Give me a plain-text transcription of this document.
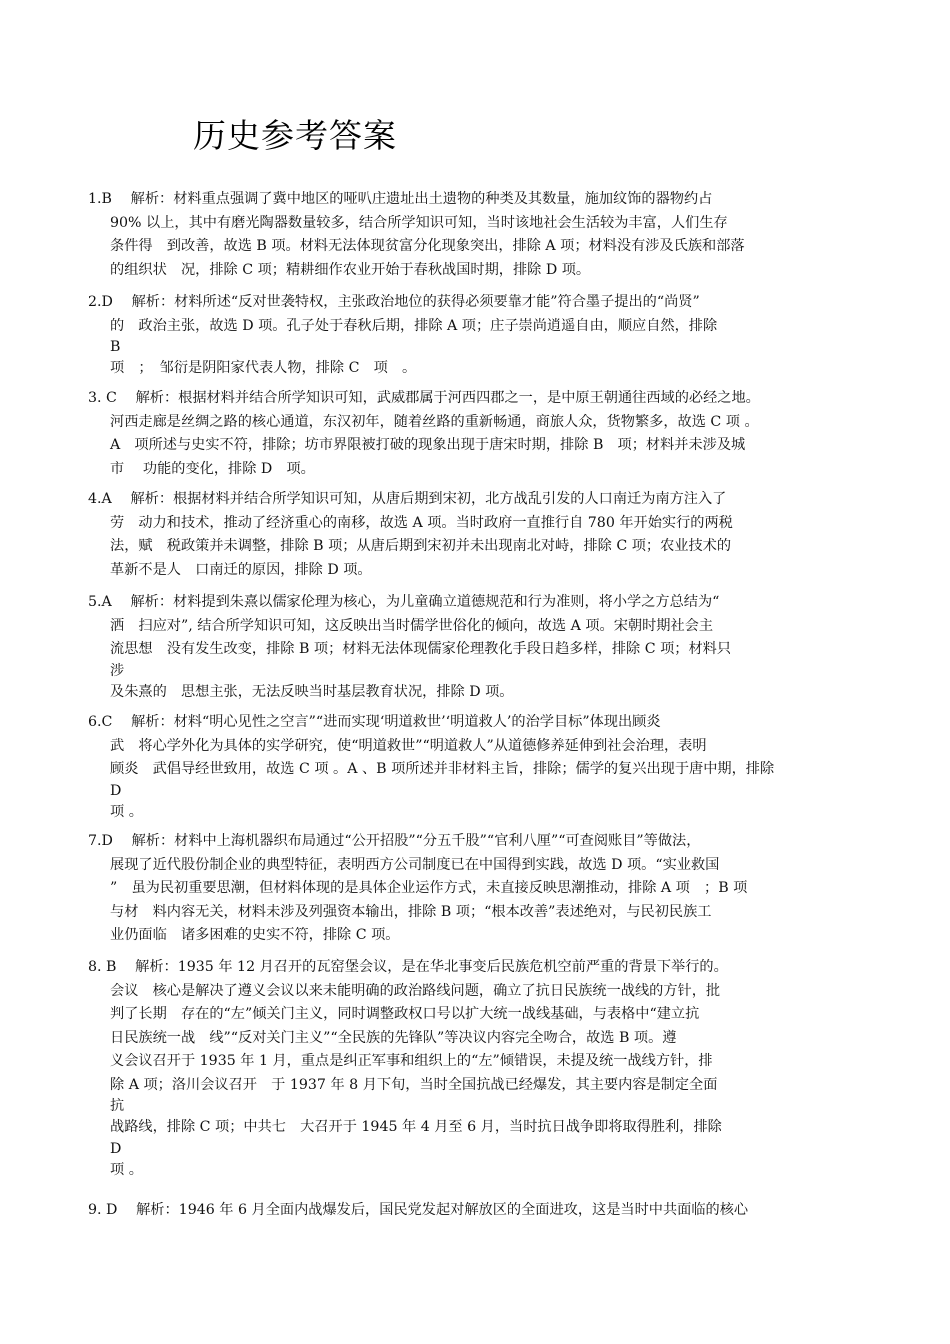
历史参考答案
1.B　 解析：材料重点强调了冀中地区的哑叭庄遗址出土遗物的种类及其数量，施加纹饰的器物约占
90% 以上，其中有磨光陶器数量较多，结合所学知识可知，当时该地社会生活较为丰富，人们生存
条件得　到改善，故选 B 项。材料无法体现贫富分化现象突出，排除 A 项；材料没有涉及氏族和部落
的组织状　况，排除 C 项；精耕细作农业开始于春秋战国时期，排除 D 项。
2.D　 解析：材料所述“反对世袭特权，主张政治地位的获得必须要靠才能”符合墨子提出的“尚贤”
的　政治主张，故选 D 项。孔子处于春秋后期，排除 A 项；庄子崇尚逍遥自由，顺应自然，排除
B
项　；　邹衍是阴阳家代表人物，排除 C　项　。
3. C　 解析：根据材料并结合所学知识可知，武威郡属于河西四郡之一，是中原王朝通往西域的必经之地。
河西走廊是丝绸之路的核心通道，东汉初年，随着丝路的重新畅通，商旅人众，货物繁多，故选 C 项 。
A　项所述与史实不符，排除；坊市界限被打破的现象出现于唐宋时期，排除 B　项；材料并未涉及城
市　 功能的变化，排除 D　项。
4.A　 解析：根据材料并结合所学知识可知，从唐后期到宋初，北方战乱引发的人口南迁为南方注入了
劳　动力和技术，推动了经济重心的南移，故选 A 项。当时政府一直推行自 780 年开始实行的两税
法，赋　税政策并未调整，排除 B 项；从唐后期到宋初并未出现南北对峙，排除 C 项；农业技术的
革新不是人　口南迁的原因，排除 D 项。
5.A　 解析：材料提到朱熹以儒家伦理为核心，为儿童确立道德规范和行为准则，将小学之方总结为“
洒　扫应对”, 结合所学知识可知，这反映出当时儒学世俗化的倾向，故选 A 项。宋朝时期社会主
流思想　没有发生改变，排除 B 项；材料无法体现儒家伦理教化手段日趋多样，排除 C 项；材料只
涉
及朱熹的　思想主张，无法反映当时基层教育状况，排除 D 项。
6.C　 解析：材料“明心见性之空言”“进而实现‘明道救世’‘明道救人’的治学目标”体现出顾炎
武　将心学外化为具体的实学研究，使“明道救世”“明道救人”从道德修养延伸到社会治理，表明
顾炎　武倡导经世致用，故选 C 项 。A 、B 项所述并非材料主旨，排除；儒学的复兴出现于唐中期，排除
D
项 。
7.D　 解析：材料中上海机器织布局通过“公开招股”“分五千股”“官利八厘”“可查阅账目”等做法，
展现了近代股份制企业的典型特征，表明西方公司制度已在中国得到实践，故选 D 项。“实业救国
”　虽为民初重要思潮，但材料体现的是具体企业运作方式，未直接反映思潮推动，排除 A 项　；B 项
与材　料内容无关，材料未涉及列强资本输出，排除 B 项；“根本改善”表述绝对，与民初民族工
业仍面临　诸多困难的史实不符，排除 C 项。
8. B　 解析：1935 年 12 月召开的瓦窑堡会议，是在华北事变后民族危机空前严重的背景下举行的。
会议　核心是解决了遵义会议以来未能明确的政治路线问题，确立了抗日民族统一战线的方针，批
判了长期　存在的“左”倾关门主义，同时调整政权口号以扩大统一战线基础，与表格中“建立抗
日民族统一战　线”“反对关门主义”“全民族的先锋队”等决议内容完全吻合，故选 B 项。遵
义会议召开于 1935 年 1 月，重点是纠正军事和组织上的“左”倾错误，未提及统一战线方针，排
除 A 项；洛川会议召开　于 1937 年 8 月下旬，当时全国抗战已经爆发，其主要内容是制定全面
抗
战路线，排除 C 项；中共七　大召开于 1945 年 4 月至 6 月，当时抗日战争即将取得胜利，排除
D
项 。
9. D　 解析：1946 年 6 月全面内战爆发后，国民党发起对解放区的全面进攻，这是当时中共面临的核心
